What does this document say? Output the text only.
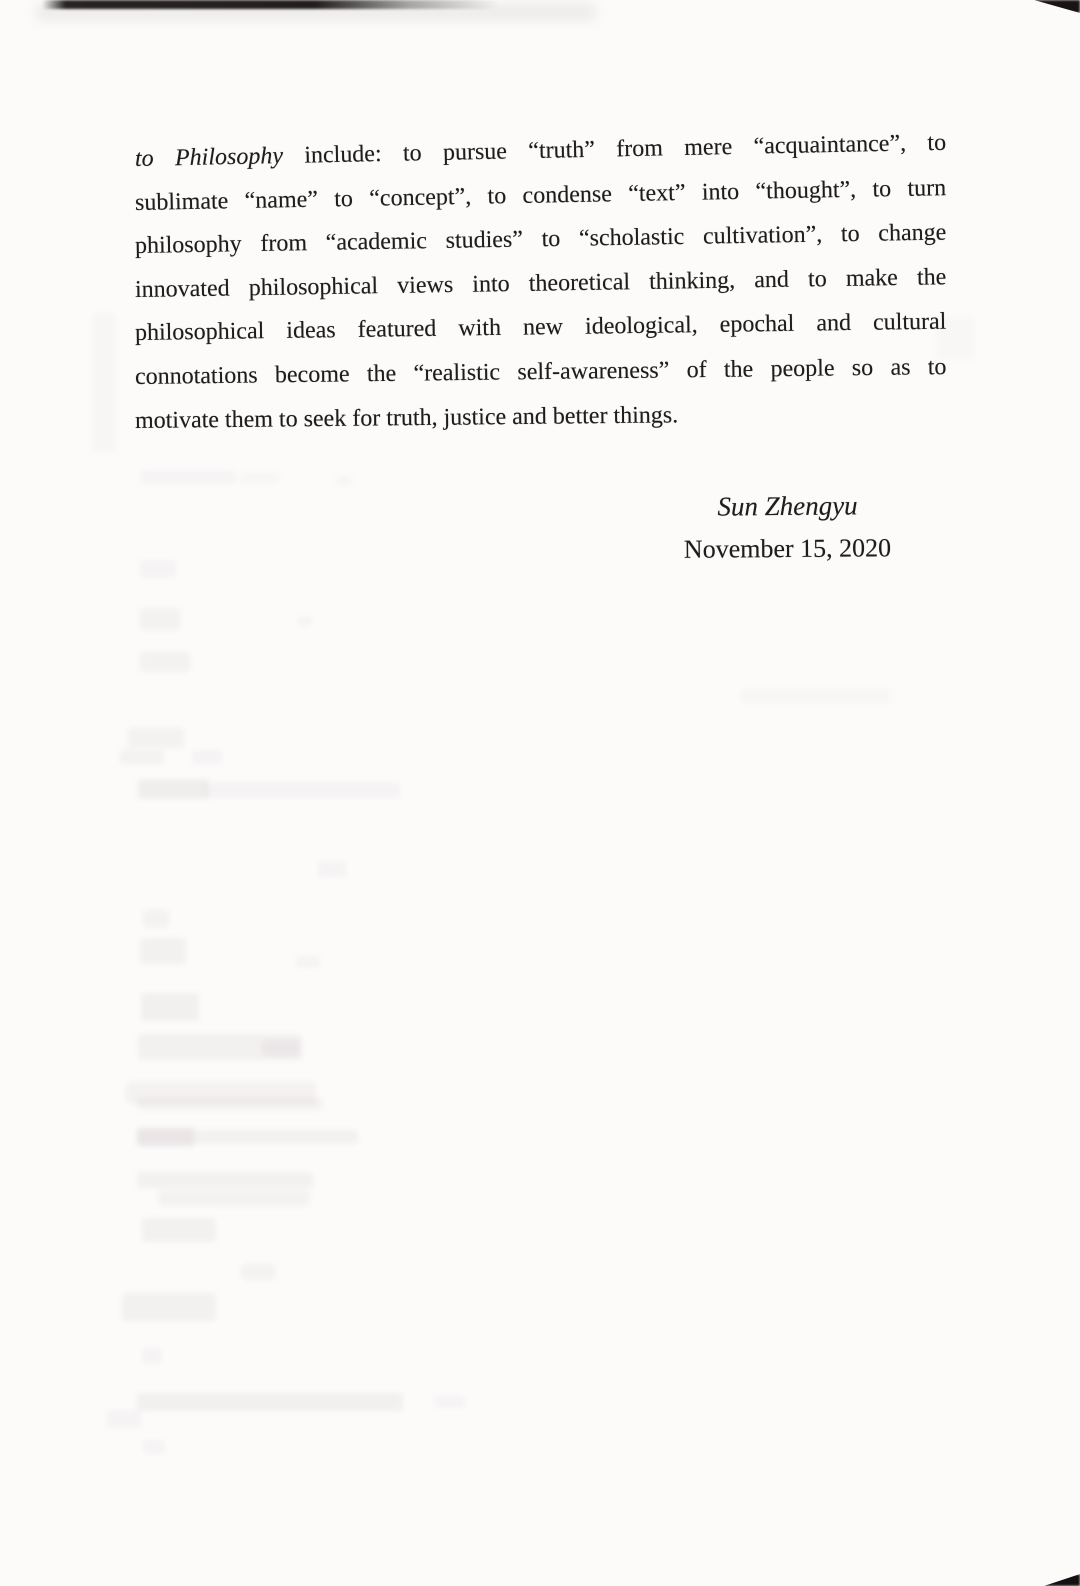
to Philosophy include: to pursue “truth” from mere “acquaintance”, to

sublimate “name” to “concept”, to condense “text” into “thought”, to turn

philosophy from “academic studies” to “scholastic cultivation”, to change

innovated philosophical views into theoretical thinking, and to make the

philosophical ideas featured with new ideological, epochal and cultural

connotations become the “realistic self-awareness” of the people so as to

motivate them to seek for truth, justice and better things.

Sun Zhengyu
November 15, 2020
